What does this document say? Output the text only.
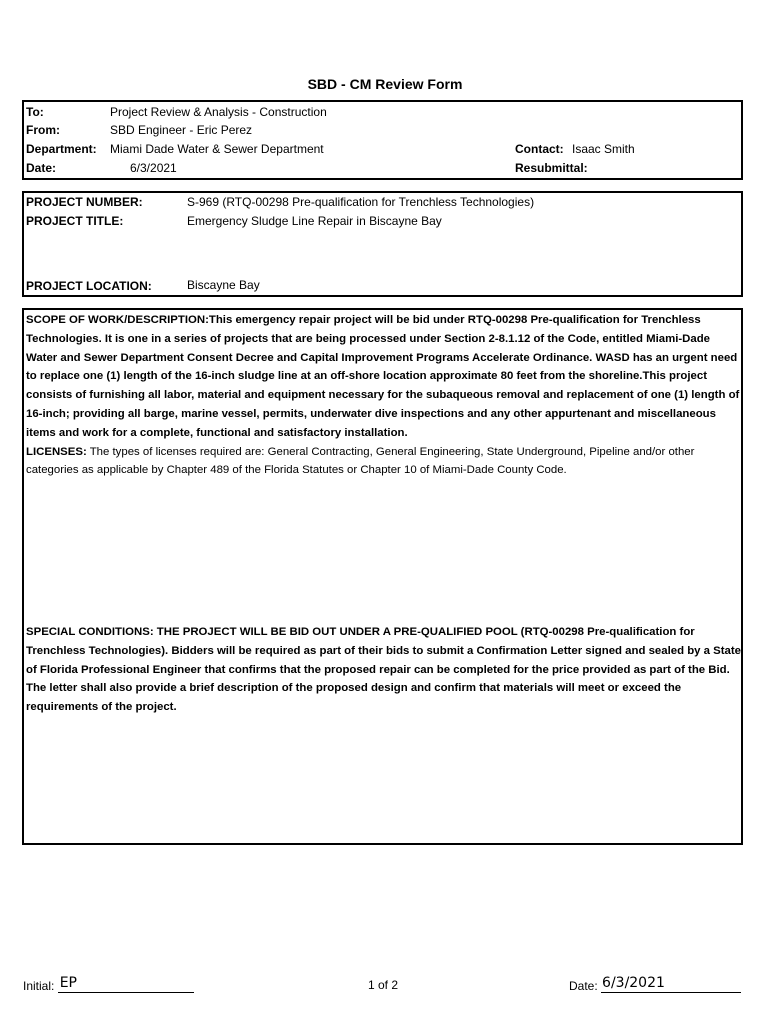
SBD - CM Review Form
To:	Project Review & Analysis - Construction
From:	SBD Engineer - Eric Perez
Department: Miami Dade Water & Sewer Department
Date:	6/3/2021
Contact: Isaac Smith
Resubmittal:
PROJECT NUMBER:	S-969 (RTQ-00298 Pre-qualification for Trenchless Technologies)
PROJECT TITLE:	Emergency Sludge Line Repair in Biscayne Bay
PROJECT LOCATION:	Biscayne Bay
SCOPE OF WORK/DESCRIPTION:This emergency repair project will be bid under RTQ-00298 Pre-qualification for Trenchless Technologies. It is one in a series of projects that are being processed under Section 2-8.1.12 of the Code, entitled Miami-Dade Water and Sewer Department Consent Decree and Capital Improvement Programs Accelerate Ordinance. WASD has an urgent need to replace one (1) length of the 16-inch sludge line at an off-shore location approximate 80 feet from the shoreline.This project consists of furnishing all labor, material and equipment necessary for the subaqueous removal and replacement of one (1) length of 16-inch; providing all barge, marine vessel, permits, underwater dive inspections and any other appurtenant and miscellaneous items and work for a complete, functional and satisfactory installation.
LICENSES: The types of licenses required are: General Contracting, General Engineering, State Underground, Pipeline and/or other categories as applicable by Chapter 489 of the Florida Statutes or Chapter 10 of Miami-Dade County Code.
SPECIAL CONDITIONS: THE PROJECT WILL BE BID OUT UNDER A PRE-QUALIFIED POOL (RTQ-00298 Pre-qualification for Trenchless Technologies). Bidders will be required as part of their bids to submit a Confirmation Letter signed and sealed by a State of Florida Professional Engineer that confirms that the proposed repair can be completed for the price provided as part of the Bid. The letter shall also provide a brief description of the proposed design and confirm that materials will meet or exceed the requirements of the project.
Initial: EP	1 of 2	Date: 6/3/2021
